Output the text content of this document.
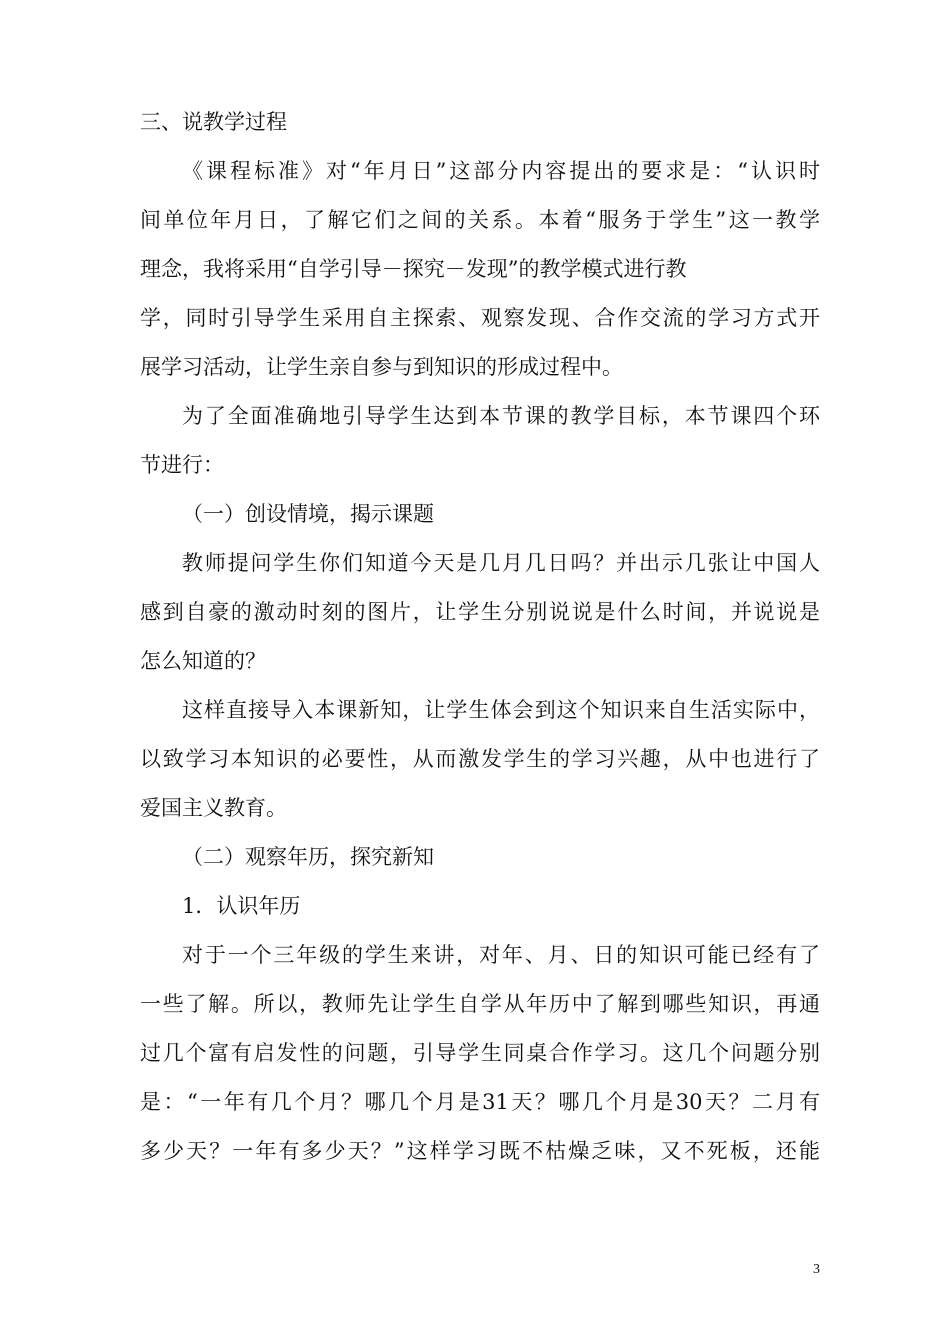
三、说教学过程
《课程标准》对“年月日”这部分内容提出的要求是：“认识时
间单位年月日，了解它们之间的关系。本着“服务于学生”这一教学
理念，我将采用“自学引导－探究－发现”的教学模式进行教
学，同时引导学生采用自主探索、观察发现、合作交流的学习方式开
展学习活动，让学生亲自参与到知识的形成过程中。
为了全面准确地引导学生达到本节课的教学目标，本节课四个环
节进行：
（一）创设情境，揭示课题
教师提问学生你们知道今天是几月几日吗？并出示几张让中国人
感到自豪的激动时刻的图片，让学生分别说说是什么时间，并说说是
怎么知道的？
这样直接导入本课新知，让学生体会到这个知识来自生活实际中，
以致学习本知识的必要性，从而激发学生的学习兴趣，从中也进行了
爱国主义教育。
（二）观察年历，探究新知
1．认识年历
对于一个三年级的学生来讲，对年、月、日的知识可能已经有了
一些了解。所以，教师先让学生自学从年历中了解到哪些知识，再通
过几个富有启发性的问题，引导学生同桌合作学习。这几个问题分别
是：“一年有几个月？哪几个月是31天？哪几个月是30天？二月有
多少天？一年有多少天？”这样学习既不枯燥乏味，又不死板，还能
3
